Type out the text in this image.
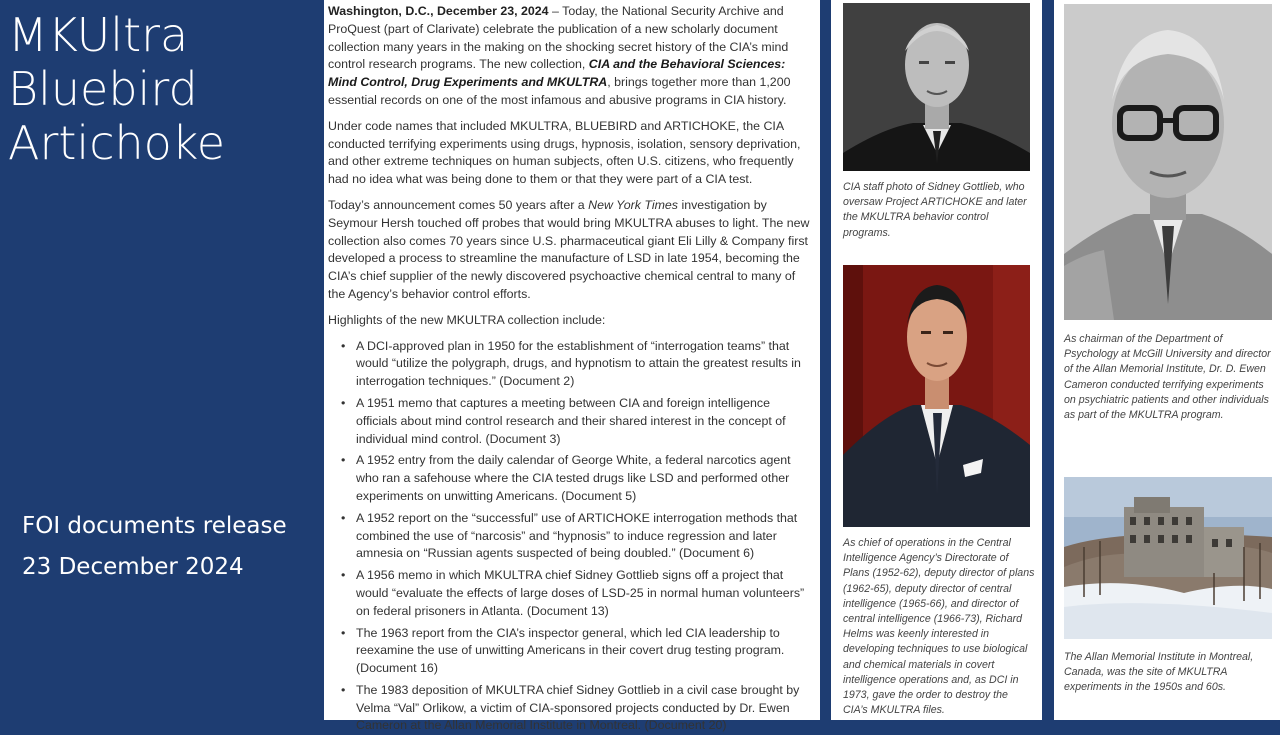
MKUltra
Bluebird
Artichoke
FOI documents release
23 December 2024

Washington, D.C., December 23, 2024 – Today, the National Security Archive and ProQuest (part of Clarivate) celebrate the publication of a new scholarly document collection many years in the making on the shocking secret history of the CIA’s mind control research programs. The new collection, CIA and the Behavioral Sciences: Mind Control, Drug Experiments and MKULTRA, brings together more than 1,200 essential records on one of the most infamous and abusive programs in CIA history.

Under code names that included MKULTRA, BLUEBIRD and ARTICHOKE, the CIA conducted terrifying experiments using drugs, hypnosis, isolation, sensory deprivation, and other extreme techniques on human subjects, often U.S. citizens, who frequently had no idea what was being done to them or that they were part of a CIA test.

Today’s announcement comes 50 years after a New York Times investigation by Seymour Hersh touched off probes that would bring MKULTRA abuses to light. The new collection also comes 70 years since U.S. pharmaceutical giant Eli Lilly & Company first developed a process to streamline the manufacture of LSD in late 1954, becoming the CIA’s chief supplier of the newly discovered psychoactive chemical central to many of the Agency’s behavior control efforts.

Highlights of the new MKULTRA collection include:

• A DCI-approved plan in 1950 for the establishment of “interrogation teams” that would “utilize the polygraph, drugs, and hypnotism to attain the greatest results in interrogation techniques.” (Document 2)
• A 1951 memo that captures a meeting between CIA and foreign intelligence officials about mind control research and their shared interest in the concept of individual mind control. (Document 3)
• A 1952 entry from the daily calendar of George White, a federal narcotics agent who ran a safehouse where the CIA tested drugs like LSD and performed other experiments on unwitting Americans. (Document 5)
• A 1952 report on the “successful” use of ARTICHOKE interrogation methods that combined the use of “narcosis” and “hypnosis” to induce regression and later amnesia on “Russian agents suspected of being doubled.” (Document 6)
• A 1956 memo in which MKULTRA chief Sidney Gottlieb signs off a project that would “evaluate the effects of large doses of LSD-25 in normal human volunteers” on federal prisoners in Atlanta. (Document 13)
• The 1963 report from the CIA’s inspector general, which led CIA leadership to reexamine the use of unwitting Americans in their covert drug testing program. (Document 16)
• The 1983 deposition of MKULTRA chief Sidney Gottlieb in a civil case brought by Velma “Val” Orlikow, a victim of CIA-sponsored projects conducted by Dr. Ewen Cameron at the Allan Memorial Institute in Montreal. (Document 20)
CIA staff photo of Sidney Gottlieb, who oversaw Project ARTICHOKE and later the MKULTRA behavior control programs.
As chief of operations in the Central Intelligence Agency’s Directorate of Plans (1952-62), deputy director of plans (1962-65), deputy director of central intelligence (1965-66), and director of central intelligence (1966-73), Richard Helms was keenly interested in developing techniques to use biological and chemical materials in covert intelligence operations and, as DCI in 1973, gave the order to destroy the CIA’s MKULTRA files.
As chairman of the Department of Psychology at McGill University and director of the Allan Memorial Institute, Dr. D. Ewen Cameron conducted terrifying experiments on psychiatric patients and other individuals as part of the MKULTRA program.
The Allan Memorial Institute in Montreal, Canada, was the site of MKULTRA experiments in the 1950s and 60s.
